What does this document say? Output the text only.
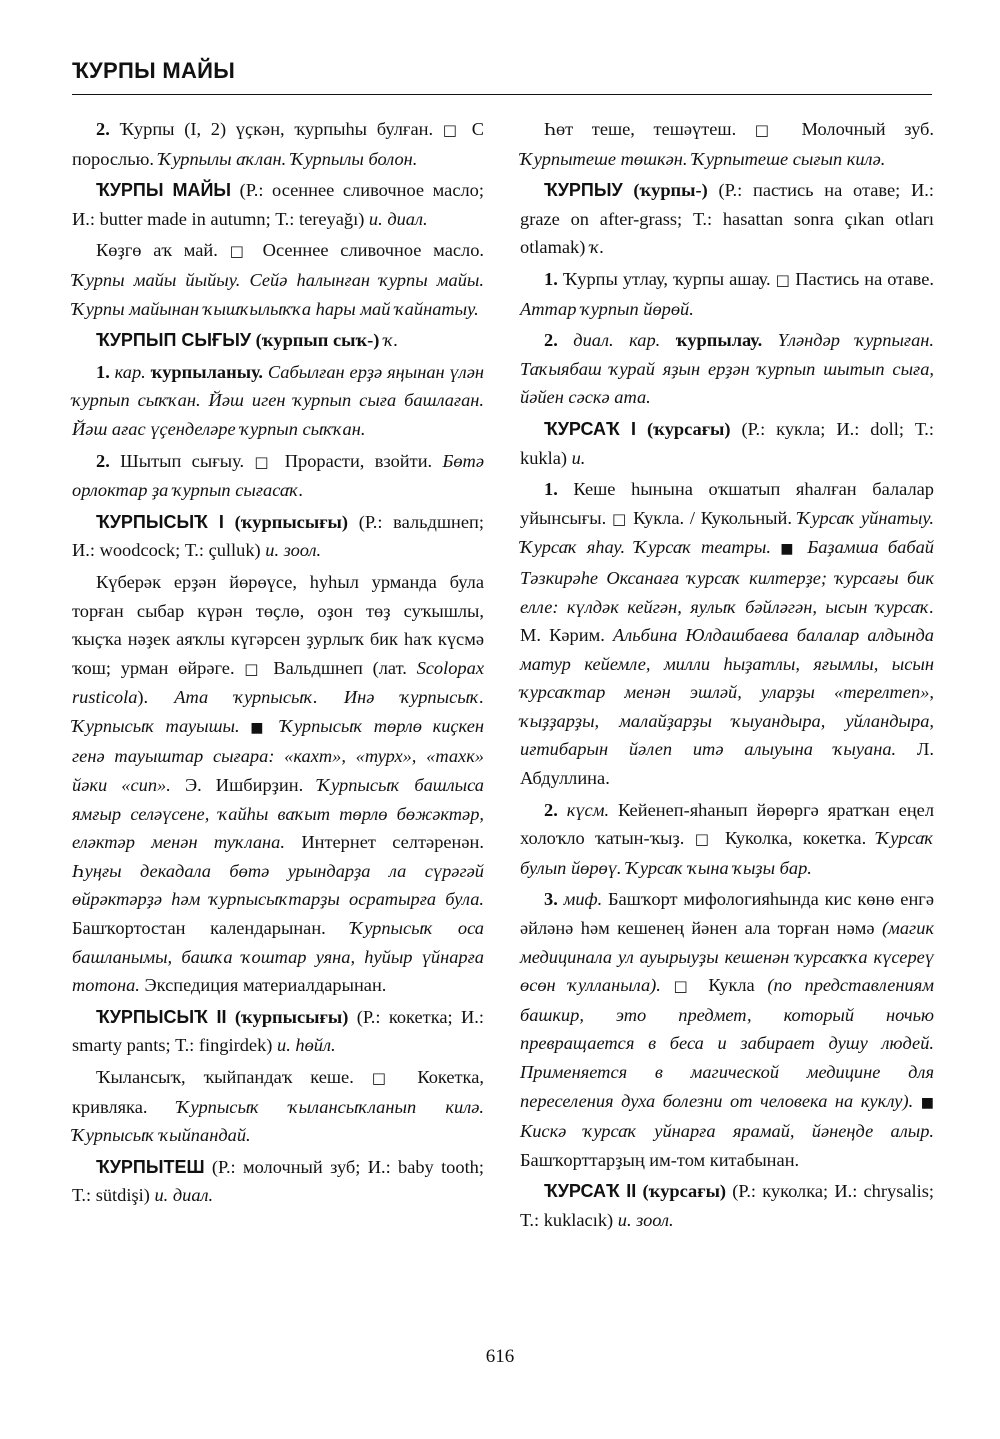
ҠУРПЫ МАЙЫ

2. Ҡурпы (I, 2) үҫкән, ҡурпыһы булған. □ С порослью. Ҡурпылы аҡлан. Ҡурпылы болон.

ҠУРПЫ МАЙЫ (Р.: осеннее сливочное масло; И.: butter made in autumn; Т.: tereyağı) и. диал.

Көҙгө аҡ май. □ Осеннее сливочное масло. Ҡурпы майы йыйыу. Сейә һалынған ҡурпы майы. Ҡурпы майынан ҡышҡылыҡҡа һары май ҡайнатыу.

ҠУРПЫП СЫҒЫУ (ҡурпып сыҡ-) ҡ.

1. кар. ҡурпыланыу. Сабылған ерҙә яңынан үлән ҡурпып сыҡҡан. Йәш иген ҡурпып сыға башлаған. Йәш ағас үҫенделәре ҡурпып сыҡҡан.

2. Шытып сығыу. □ Прорасти, взойти. Бөтә орлоктар ҙа ҡурпып сығасаҡ.

ҠУРПЫСЫҠ I (ҡурпысығы) (Р.: вальдшнеп; И.: woodcock; Т.: çulluk) и. зоол.

Күберәк ерҙән йөрөүсе, һуһыл урманда була торған сыбар күрән төҫлө, оҙон төҙ суҡышлы, ҡыҫҡа нәҙек аяҡлы күгәрсен ҙурлыҡ бик һаҡ күсмә ҡош; урман өйрәге. □ Вальдшнеп (лат. Scolopax rusticola). Ата ҡурпысыҡ. Инә ҡурпысыҡ. Ҡурпысыҡ тауышы. ■ Ҡурпысыҡ төрлө киҫкен генә тауыштар сығара: «кахт», «турх», «тахк» йәки «сип». Э. Ишбирҙин. Ҡурпысыҡ башлыса ямғыр селәүсене, ҡайһы ваҡыт төрлө бөжәктәр, еләктәр менән туҡлана. Интернет селтәренән. Һуңғы декадала бөтә урындарҙа ла сүрәгәй өйрәктәрҙә һәм ҡурпысыҡтарҙы осратырға була. Башҡортостан календарынан. Ҡурпысыҡ оса башланымы, башҡа ҡоштар уяна, һуйыр үйнарға тотона. Экспедиция материалдарынан.

ҠУРПЫСЫҠ II (ҡурпысығы) (Р.: кокетка; И.: smarty pants; Т.: fingirdek) и. һөйл.

Ҡылансыҡ, ҡыйпандаҡ кеше. □ Кокетка, кривляка. Ҡурпысыҡ ҡылансыҡланып килә. Ҡурпысыҡ ҡыйпандай.

ҠУРПЫТЕШ (Р.: молочный зуб; И.: baby tooth; Т.: sütdişi) и. диал.

Һөт теше, тешәүтеш. □ Молочный зуб. Ҡурпытеше төшкән. Ҡурпытеше сығып килә.

ҠУРПЫУ (ҡурпы-) (Р.: пастись на отаве; И.: graze on after-grass; Т.: hasattan sonra çıkan otları otlamak) ҡ.

1. Ҡурпы утлау, ҡурпы ашау. □ Пастись на отаве. Аттар ҡурпып йөрөй.

2. диал. кар. ҡурпылау. Үләндәр ҡурпыған. Таҡыябаш ҡурай яҙын ерҙән ҡурпып шытып сыға, йәйен сәскә ата.

ҠУРСАҠ I (ҡурсағы) (Р.: кукла; И.: doll; Т.: kukla) и.

1. Кеше һынына оҡшатып яһалған балалар уйынсығы. □ Кукла. / Кукольный. Ҡурсаҡ уйнатыу. Ҡурсаҡ яһау. Ҡурсаҡ театры. ■ Баҙамша бабай Тәзкирәһе Оксанаға ҡурсаҡ килтерҙе; ҡурсағы бик елле: күлдәк кейгән, яулыҡ бәйләгән, ысын ҡурсаҡ. М. Кәрим. Альбина Юлдашбаева балалар алдында матур кейемле, милли һыҙатлы, яғымлы, ысын ҡурсаҡтар менән эшләй, уларҙы «терелтеп», ҡыҙҙарҙы, малайҙарҙы ҡыуандыра, уйландыра, иғтибарын йәлеп итә алыуына ҡыуана. Л. Абдуллина.

2. күсм. Кейенеп-яһанып йөрөргә яратҡан еңел холоҡло ҡатын-ҡыҙ. □ Куколка, кокетка. Ҡурсаҡ булып йөрөү. Ҡурсаҡ ҡына ҡыҙы бар.

3. миф. Башҡорт мифологияһында кис көнө енгә әйләнә һәм кешенең йәнен ала торған нәмә (магик медицинала ул ауырыуҙы кешенән ҡурсаҡҡа күсереү өсөн ҡулланыла). □ Кукла (по представлениям башкир, это предмет, который ночью превращается в беса и забирает душу людей. Применяется в магической медицине для переселения духа болезни от человека на куклу). ■ Кискә ҡурсаҡ уйнарға ярамай, йәнеңде алыр. Башҡорттарҙың им-том китабынан.

ҠУРСАҠ II (ҡурсағы) (Р.: куколка; И.: chrysalis; Т.: kuklacık) и. зоол.

616
